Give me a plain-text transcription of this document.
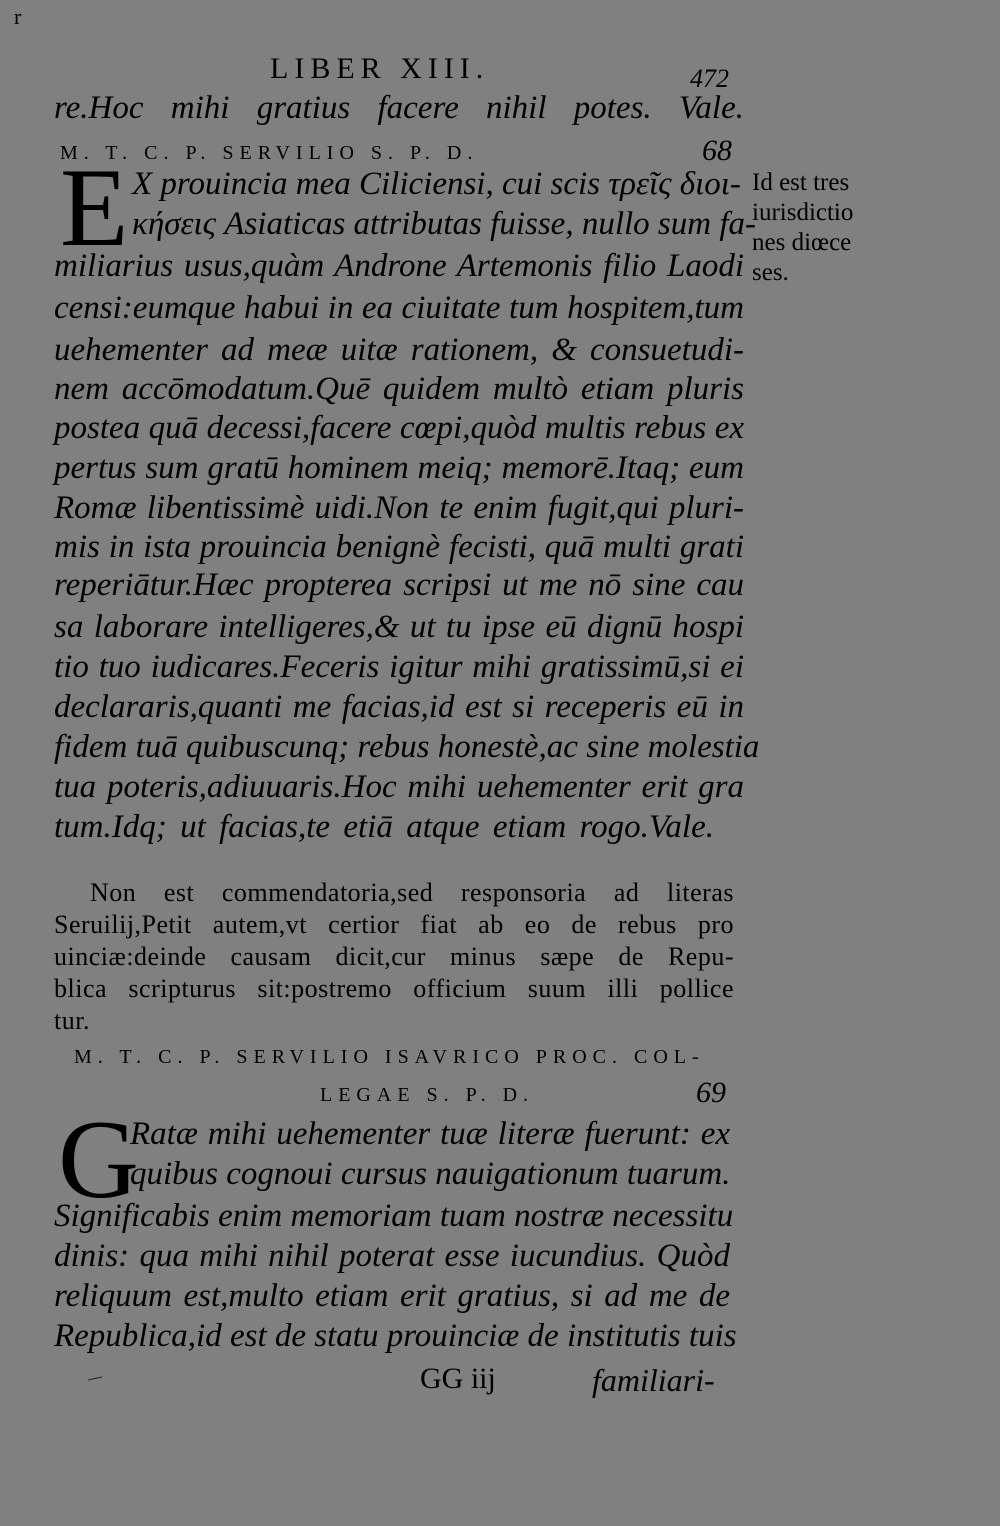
r
LIBER XIII.	472
re.Hoc mihi gratius facere nihil potes. Vale.
M. T. C. P. SERVILIO S. P. D.	68
E X prouincia mea Ciliciensi, cui scis τρεῖς διοι-
κήσεις Asiaticas attributas fuisse, nullo sum fa-
miliarius usus,quàm Androne Artemonis filio Laodi
censi:eumque habui in ea ciuitate tum hospitem,tum
uehementer ad meæ uitæ rationem, & consuetudi-
nem accōmodatum.Quē quidem multò etiam pluris
postea quā decessi,facere cœpi,quòd multis rebus ex
pertus sum gratū hominem meiq; memorē.Itaq; eum
Romæ libentissimè uidi.Non te enim fugit,qui pluri-
mis in ista prouincia benignè fecisti, quā multi grati
reperiātur.Hæc propterea scripsi ut me nō sine cau
sa laborare intelligeres,& ut tu ipse eū dignū hospi
tio tuo iudicares.Feceris igitur mihi gratissimū,si ei
declararis,quanti me facias,id est si receperis eū in
fidem tuā quibuscunq; rebus honestè,ac sine molestia
tua poteris,adiuuaris.Hoc mihi uehementer erit gra
tum.Idq; ut facias,te etiā atque etiam rogo.Vale.
Id est tres
iurisdictio
nes diœce
ses.
Non est commendatoria,sed responsoria ad literas
Seruilij,Petit autem,vt certior fiat ab eo de rebus pro
uinciæ:deinde causam dicit,cur minus sæpe de Repu-
blica scripturus sit:postremo officium suum illi pollice
tur.
M. T. C. P. SERVILIO ISAVRICO PROC. COL-
LEGAE S. P. D.	69
G
Ratæ mihi uehementer tuæ literæ fuerunt: ex
quibus cognoui cursus nauigationum tuarum.
Significabis enim memoriam tuam nostræ necessitu
dinis: qua mihi nihil poterat esse iucundius. Quòd
reliquum est,multo etiam erit gratius, si ad me de
Republica,id est de statu prouinciæ de institutis tuis
GG iij	familiari-
